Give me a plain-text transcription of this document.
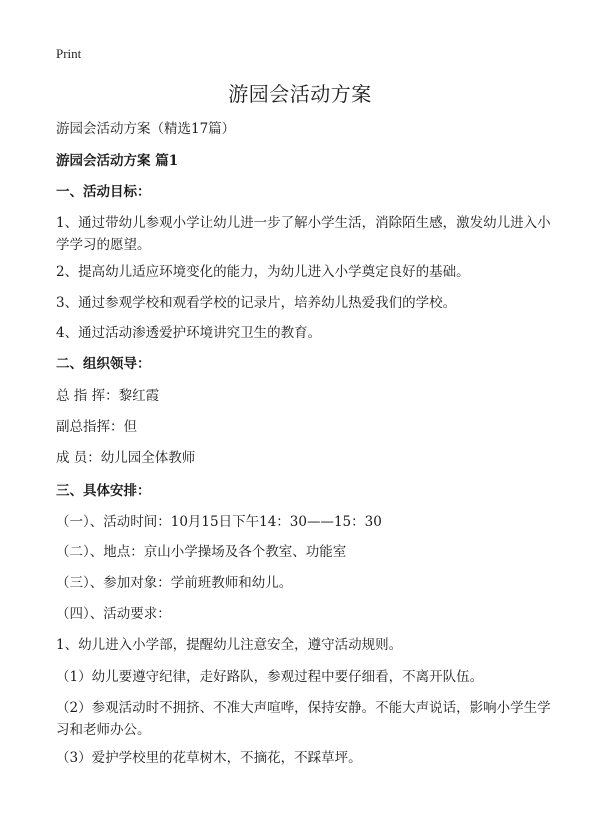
Print
游园会活动方案
游园会活动方案（精选17篇）
游园会活动方案 篇1
一、活动目标：
1、通过带幼儿参观小学让幼儿进一步了解小学生活，消除陌生感，激发幼儿进入小学学习的愿望。
2、提高幼儿适应环境变化的能力，为幼儿进入小学奠定良好的基础。
3、通过参观学校和观看学校的记录片，培养幼儿热爱我们的学校。
4、通过活动渗透爱护环境讲究卫生的教育。
二、组织领导：
总 指 挥：黎红霞
副总指挥：但
成 员：幼儿园全体教师
三、具体安排：
（一）、活动时间：10月15日下午14：30——15：30
（二）、地点：京山小学操场及各个教室、功能室
（三）、参加对象：学前班教师和幼儿。
（四）、活动要求：
1、幼儿进入小学部，提醒幼儿注意安全，遵守活动规则。
（1）幼儿要遵守纪律，走好路队，参观过程中要仔细看，不离开队伍。
（2）参观活动时不拥挤、不准大声喧哗，保持安静。不能大声说话，影响小学生学习和老师办公。
（3）爱护学校里的花草树木，不摘花，不踩草坪。
